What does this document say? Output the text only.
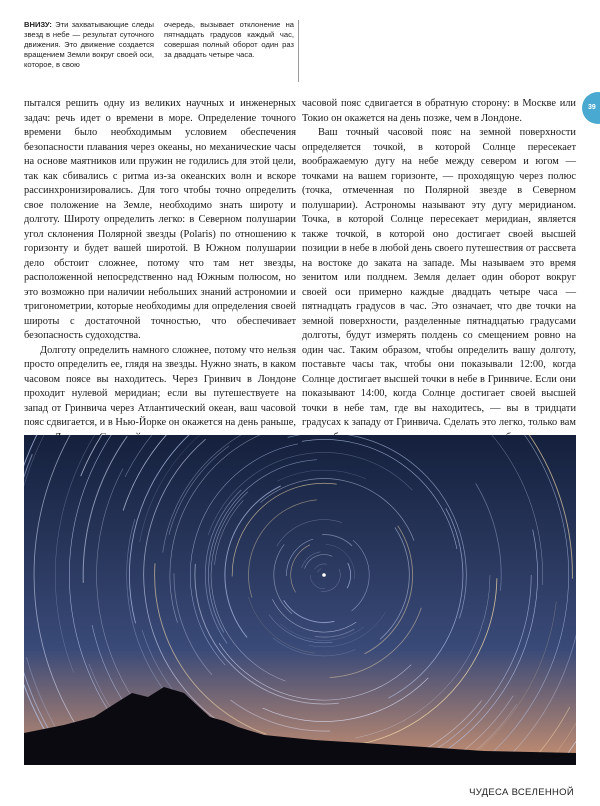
ВНИЗУ: Эти захватывающие следы звезд в небе — результат суточного движения. Это движение создается вращением Земли вокруг своей оси, которое, в свою
очередь, вызывает отклонение на пятнадцать градусов каждый час, совершая полный оборот один раз за двадцать четыре часа.
39

пытался решить одну из великих научных и инженерных задач: речь идет о времени в море. Определение точного времени было необходимым условием обеспечения безопасности плавания через океаны, но механические часы на основе маятников или пружин не годились для этой цели, так как сбивались с ритма из-за океанских волн и вскоре рассинхронизировались. Для того чтобы точно определить свое положение на Земле, необходимо знать широту и долготу. Широту определить легко: в Северном полушарии угол склонения Полярной звезды (Polaris) по отношению к горизонту и будет вашей широтой. В Южном полушарии дело обстоит сложнее, потому что там нет звезды, расположенной непосредственно над Южным полюсом, но это возможно при наличии небольших знаний астрономии и тригонометрии, которые необходимы для определения своей широты с достаточной точностью, что обеспечивает безопасность судоходства.

Долготу определить намного сложнее, потому что нельзя просто определить ее, глядя на звезды. Нужно знать, в каком часовом поясе вы находитесь. Через Гринвич в Лондоне проходит нулевой меридиан; если вы путешествуете на запад от Гринвича через Атлантический океан, ваш часовой пояс сдвигается, и в Нью-Йорке он окажется на день раньше,

часовой пояс сдвигается в обратную сторону: в Москве или Токио он окажется на день позже, чем в Лондоне.

Ваш точный часовой пояс на земной поверхности определяется точкой, в которой Солнце пересекает воображаемую дугу на небе между севером и югом — точками на вашем горизонте, — проходящую через полюс (точка, отмеченная по Полярной звезде в Северном полушарии). Астрономы называют эту дугу меридианом. Точка, в которой Солнце пересекает меридиан, является также точкой, в которой оно достигает своей высшей позиции в небе в любой день своего путешествия от рассвета на востоке до заката на западе. Мы называем это время зенитом или полднем. Земля делает один оборот вокруг своей оси примерно каждые двадцать четыре часа — пятнадцать градусов в час. Это означает, что две точки на земной поверхности, разделенные пятнадцатью градусами долготы, будут измерять полдень со смещением ровно на один час. Таким образом, чтобы определить вашу долготу, поставьте часы так, чтобы они показывали 12:00, когда Солнце достигает высшей точки в небе в Гринвиче. Если они показывают 14:00, когда Солнце достигает своей высшей точки в небе там, где вы находитесь, — вы в тридцати градусах к западу от Гринвича. Сделать это легко, только вам

ЧУДЕСА ВСЕЛЕННОЙ
